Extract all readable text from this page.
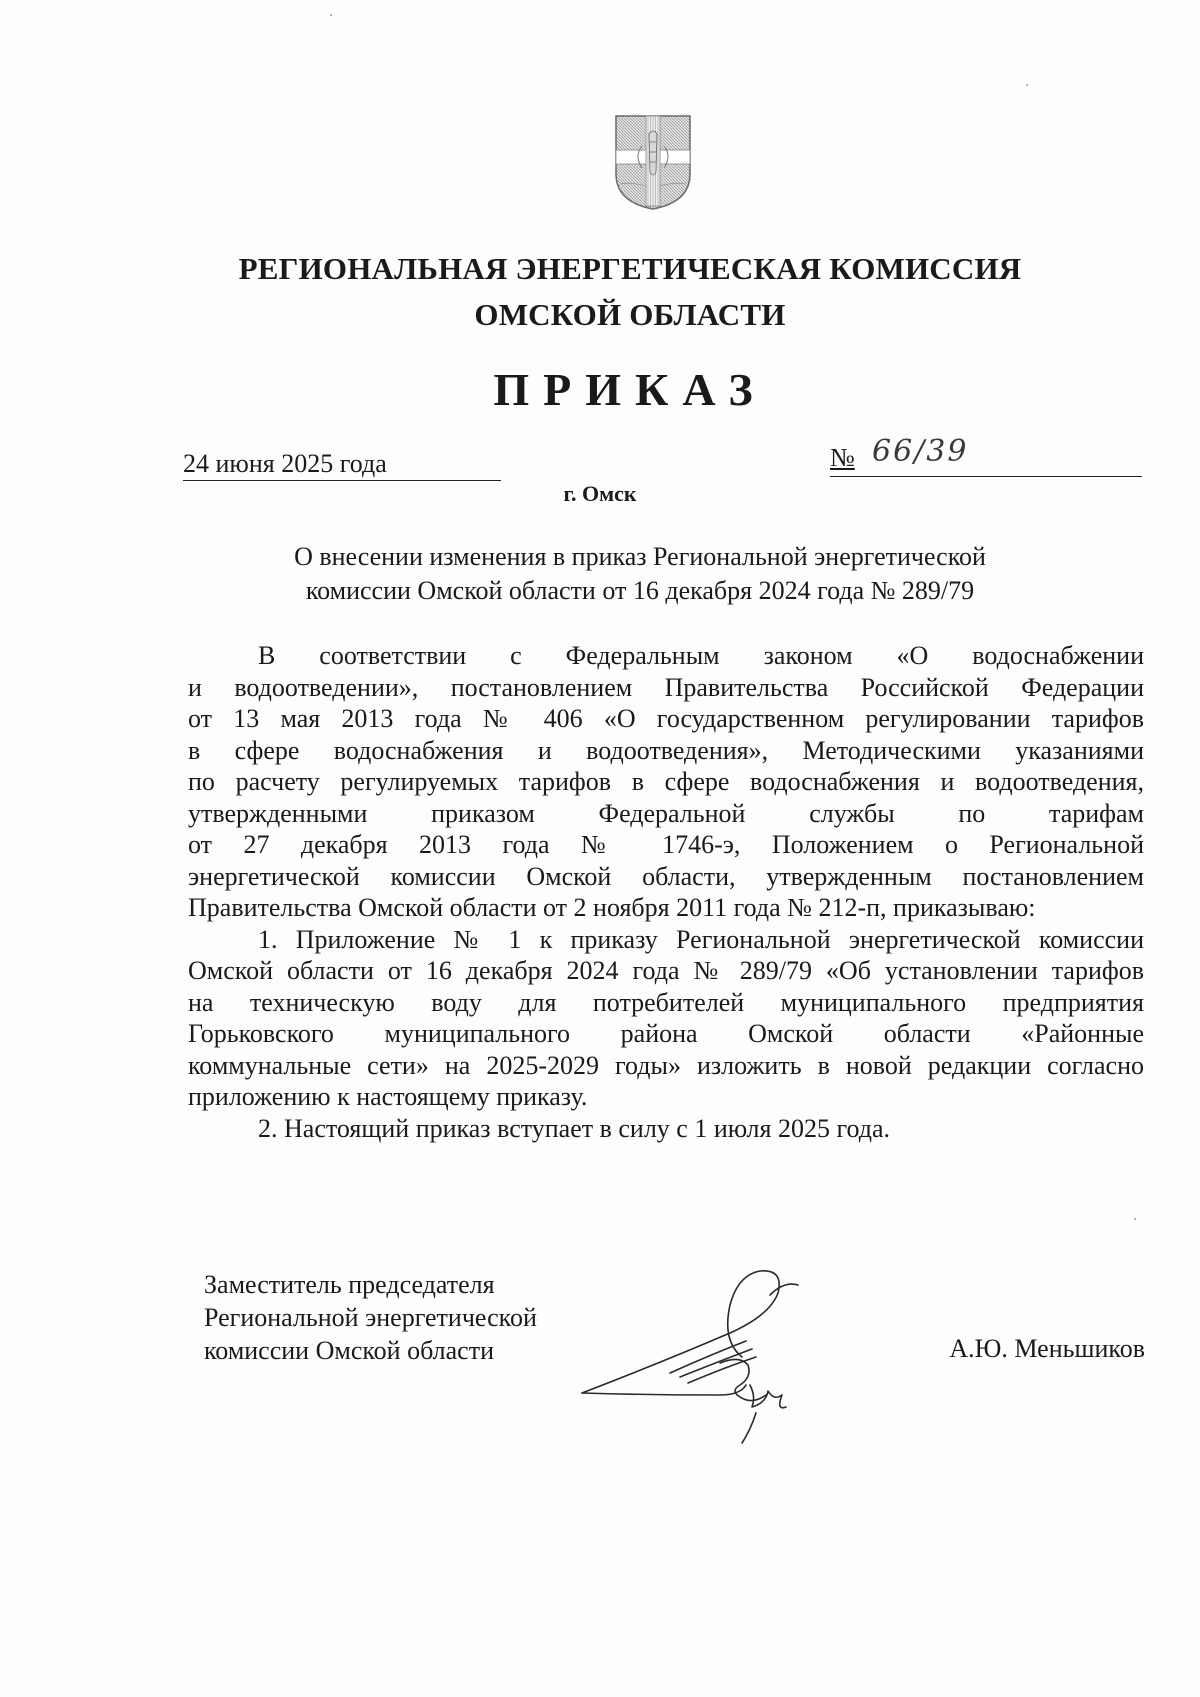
РЕГИОНАЛЬНАЯ ЭНЕРГЕТИЧЕСКАЯ КОМИССИЯ
ОМСКОЙ ОБЛАСТИ
ПРИКАЗ
24 июня 2025 года	№ 66/39
г. Омск
О внесении изменения в приказ Региональной энергетической
комиссии Омской области от 16 декабря 2024 года № 289/79
В соответствии с Федеральным законом «О водоснабжении
и водоотведении», постановлением Правительства Российской Федерации
от 13 мая 2013 года № 406 «О государственном регулировании тарифов
в сфере водоснабжения и водоотведения», Методическими указаниями
по расчету регулируемых тарифов в сфере водоснабжения и водоотведения,
утвержденными приказом Федеральной службы по тарифам
от 27 декабря 2013 года № 1746-э, Положением о Региональной
энергетической комиссии Омской области, утвержденным постановлением
Правительства Омской области от 2 ноября 2011 года № 212-п, приказываю:
1. Приложение № 1 к приказу Региональной энергетической комиссии
Омской области от 16 декабря 2024 года № 289/79 «Об установлении тарифов
на техническую воду для потребителей муниципального предприятия
Горьковского муниципального района Омской области «Районные
коммунальные сети» на 2025-2029 годы» изложить в новой редакции согласно
приложению к настоящему приказу.
2. Настоящий приказ вступает в силу с 1 июля 2025 года.
Заместитель председателя
Региональной энергетической
комиссии Омской области	А.Ю. Меньшиков
